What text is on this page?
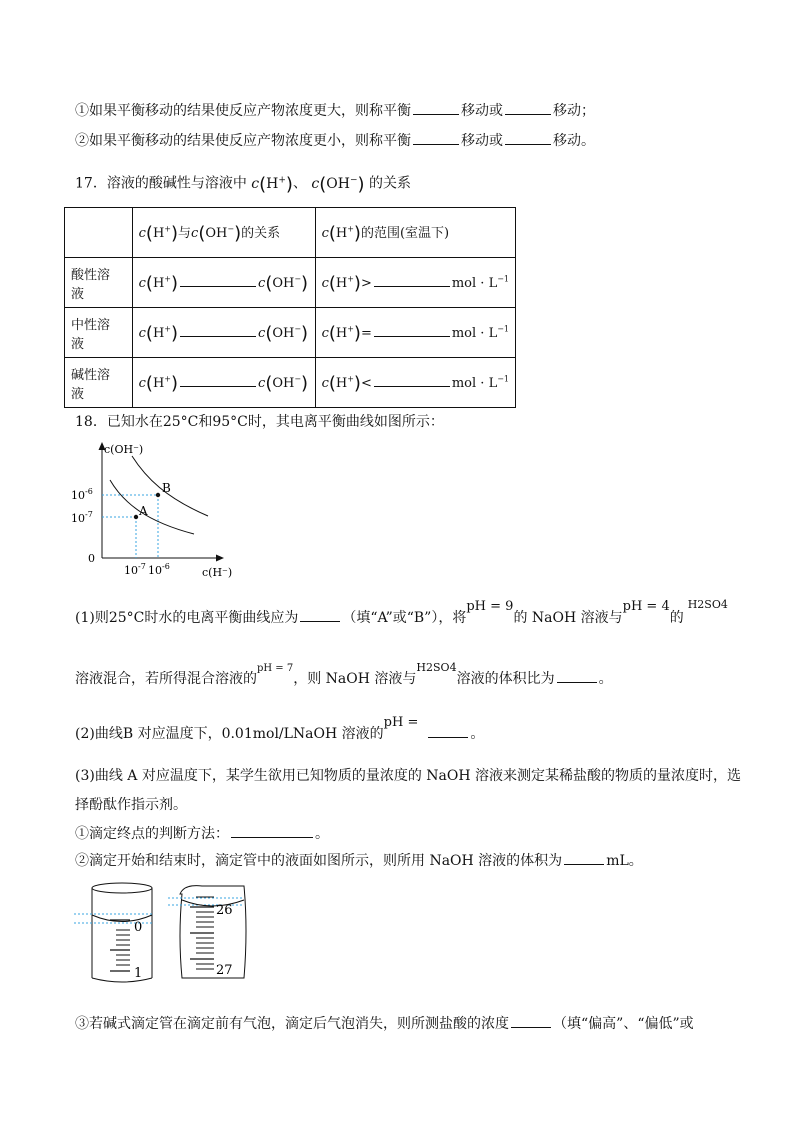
①如果平衡移动的结果使反应产物浓度更大，则称平衡	移动或	移动；
②如果平衡移动的结果使反应产物浓度更小，则称平衡	移动或	移动。
17．溶液的酸碱性与溶液中 c(H+)、 c(OH−) 的关系
	c(H+)与c(OH−)的关系	c(H+)的范围(室温下)
酸性溶
液	c(H+) c(OH−)	c(H+)> mol · $L^{-1}$
中性溶
液	c(H+) c(OH−)	c(H+)= mol · $L^{-1}$
碱性溶
液	c(H+) c(OH−)	c(H+)< mol · $L^{-1}$
18．已知水在25°C和95°C时，其电离平衡曲线如图所示：
B
A
c(OH⁻)
c(H⁻)
0
$10^{-6}$
$10^{-7}$
$10^{-7}$ $10^{-6}$
(1)则25°C时水的电离平衡曲线应为	（填“A”或“B”），将pH = 9的 NaOH 溶液与pH = 4的$^{H2SO4}$
溶液混合，若所得混合溶液的$^{pH = 7}$，则 NaOH 溶液与$^{H2SO4}$溶液的体积比为	。
(2)曲线B 对应温度下，0.01mol/LNaOH 溶液的pH =。
(3)曲线 A 对应温度下，某学生欲用已知物质的量浓度的 NaOH 溶液来测定某稀盐酸的物质的量浓度时，选
择酚酞作指示剂。
①滴定终点的判断方法：	。
②滴定开始和结束时，滴定管中的液面如图所示，则所用 NaOH 溶液的体积为	mL。
0
1
26
27
③若碱式滴定管在滴定前有气泡，滴定后气泡消失，则所测盐酸的浓度	（填“偏高”、“偏低”或
